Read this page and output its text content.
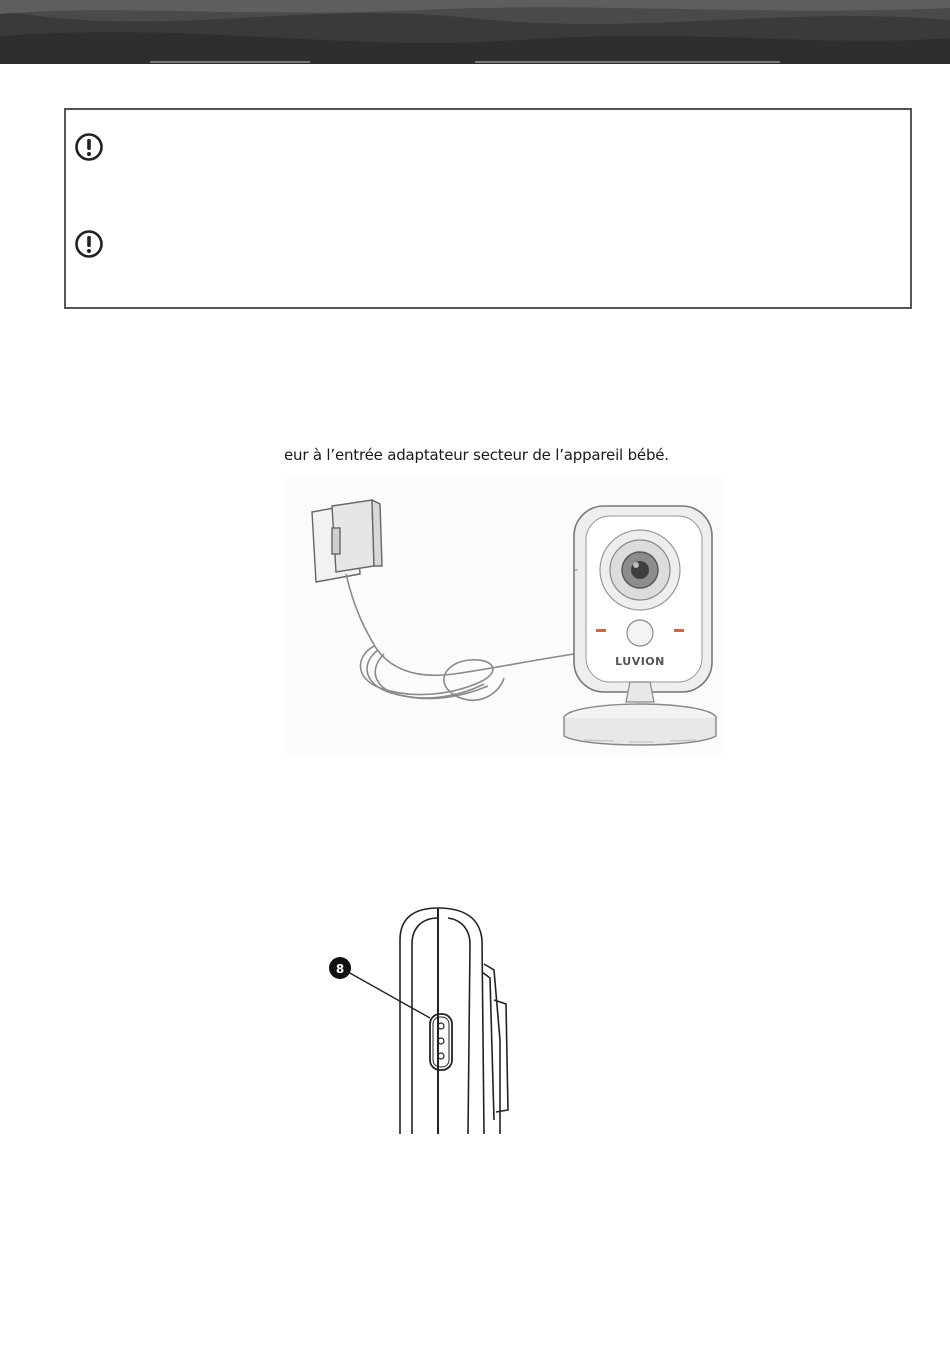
eur à l’entrée adaptateur secteur de l’appareil bébé.
LUVION
8
